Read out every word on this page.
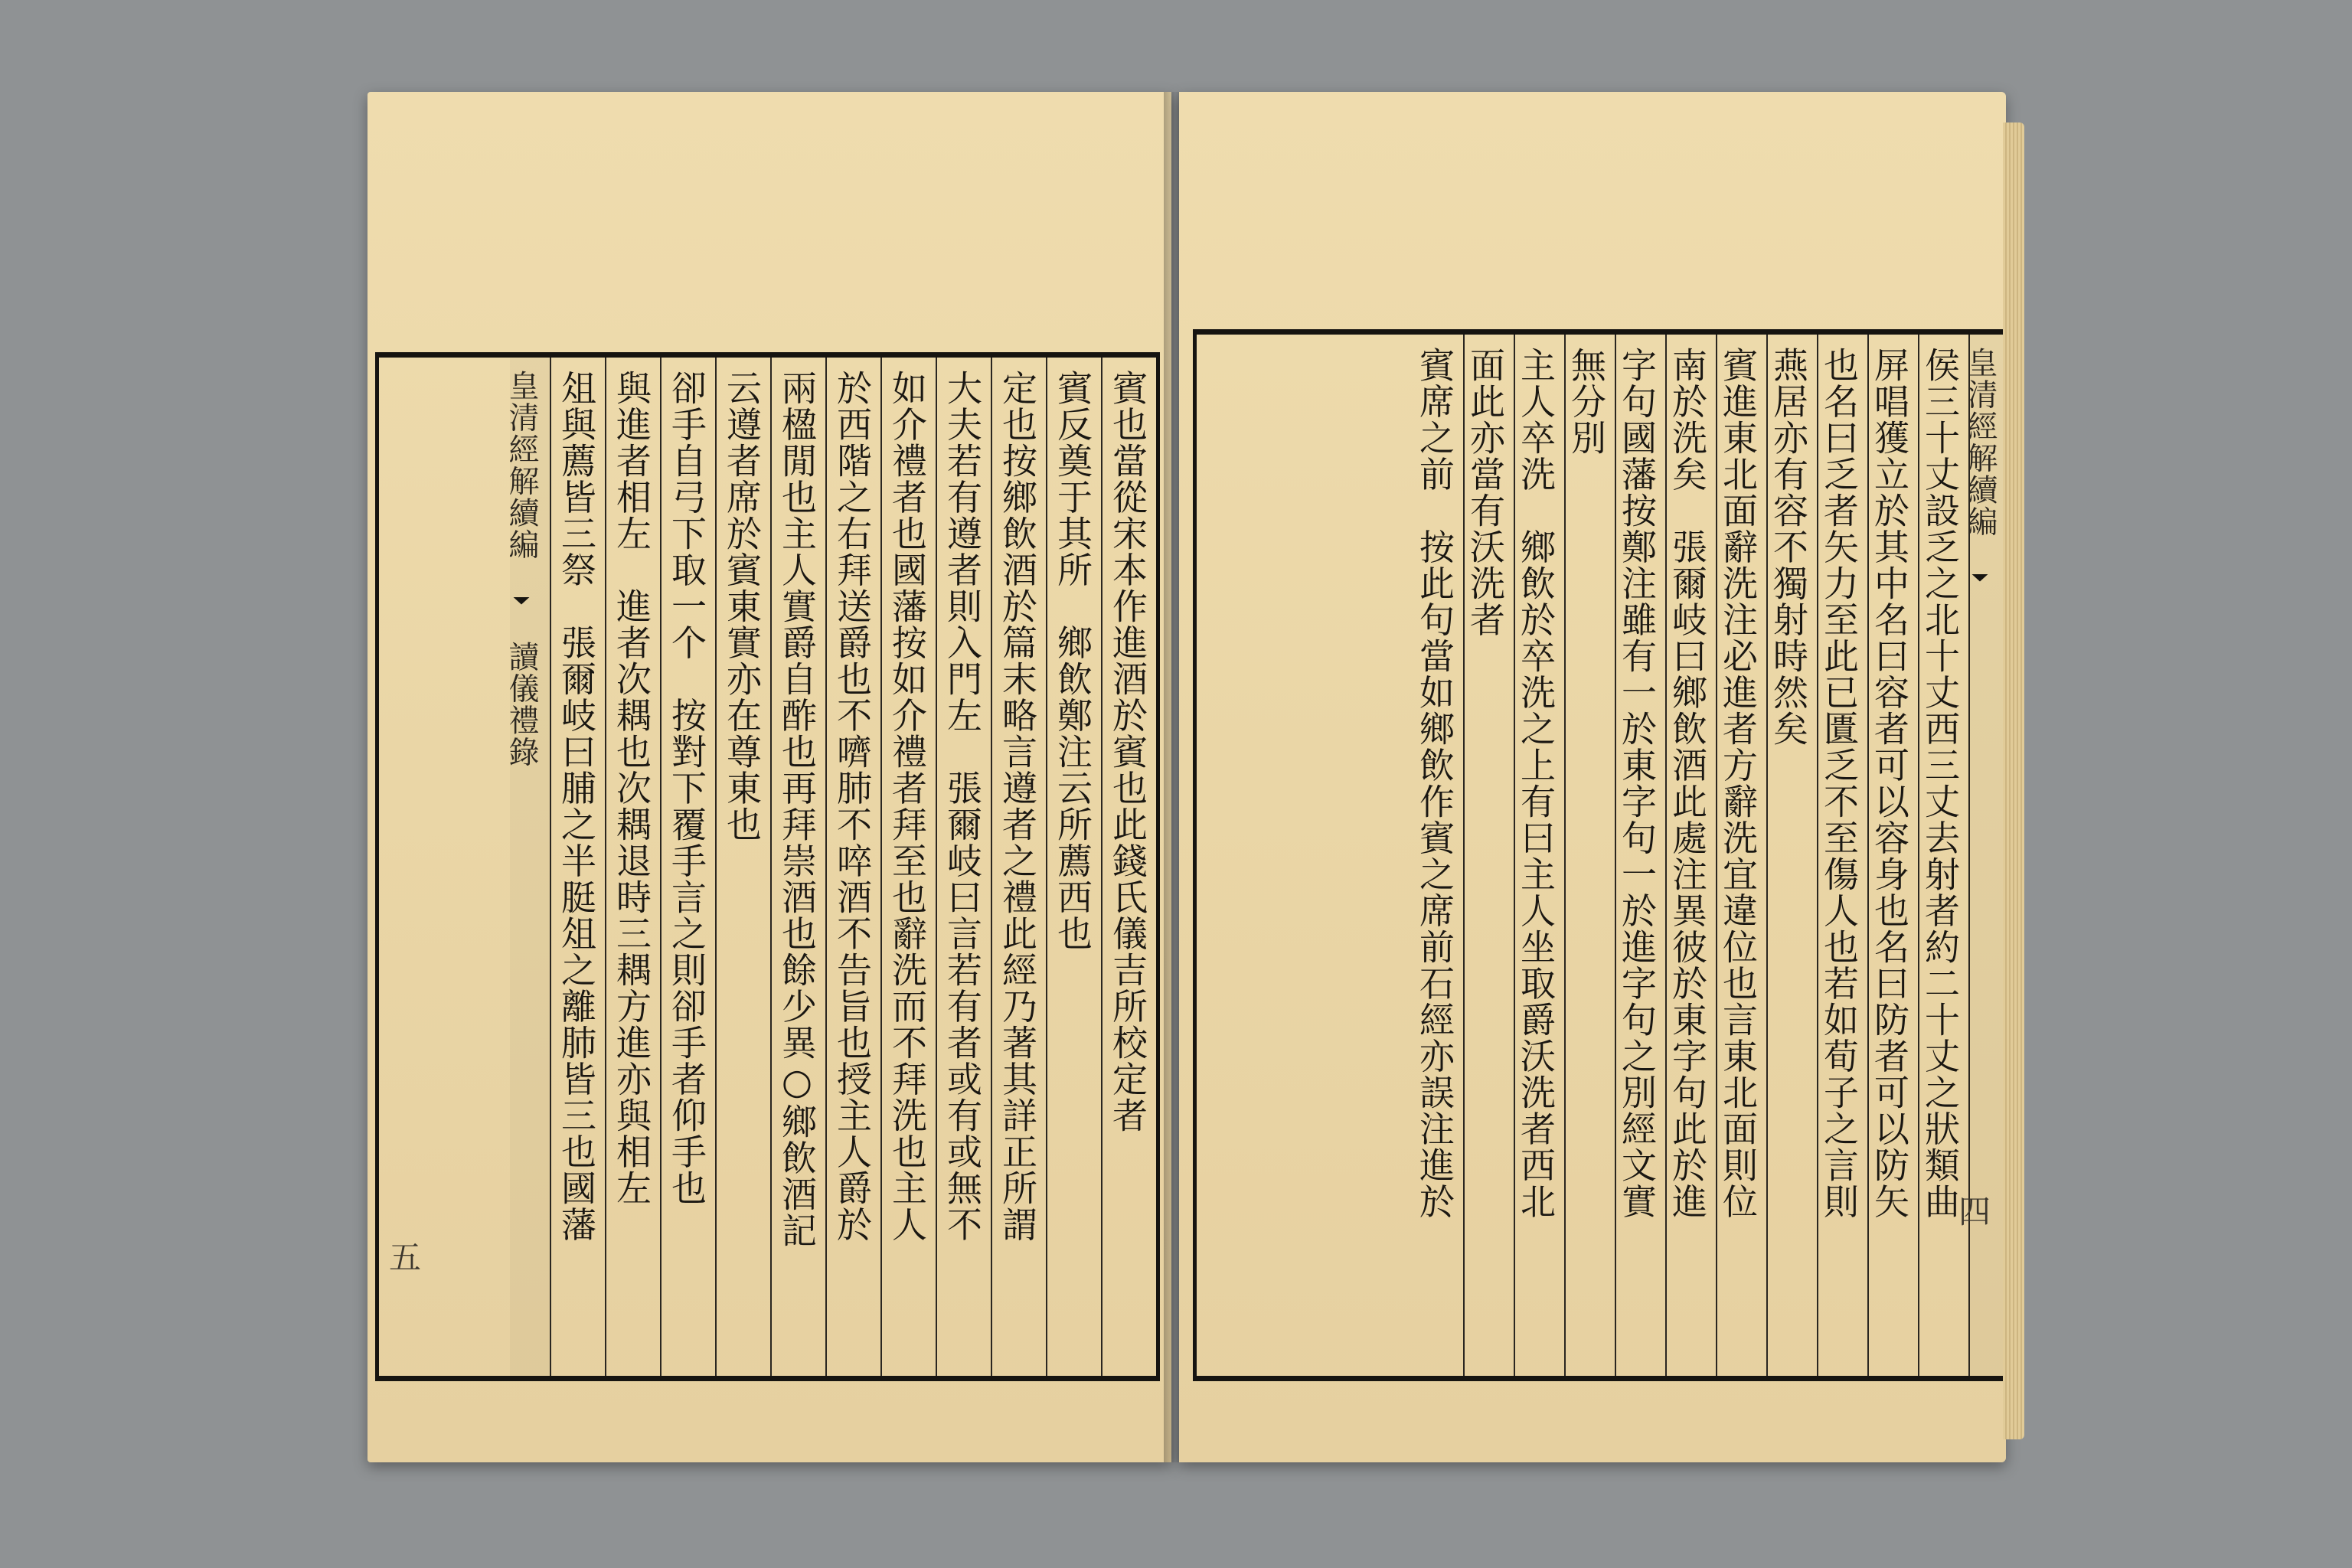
賓也當從宋本作進酒於賓也此錢氏儀吉所校定者
賓反奠于其所　鄉飲鄭注云所薦西也
定也按鄉飲酒於篇末略言遵者之禮此經乃著其詳正所謂
大夫若有遵者則入門左　張爾岐曰言若有者或有或無不
如介禮者也國藩按如介禮者拜至也辭洗而不拜洗也主人
於西階之右拜送爵也不嚌肺不啐酒不告旨也授主人爵於
兩楹閒也主人實爵自酢也再拜崇酒也餘少異○鄉飲酒記
云遵者席於賓東實亦在尊東也
卻手自弓下取一个　按對下覆手言之則卻手者仰手也
與進者相左　進者次耦也次耦退時三耦方進亦與相左
俎與薦皆三祭　張爾岐曰脯之半脡俎之離肺皆三也國藩
皇清經解續編  讀儀禮錄
五
皇清經解續編
侯三十丈設乏之北十丈西三丈去射者約二十丈之狀類曲
屏唱獲立於其中名曰容者可以容身也名曰防者可以防矢
也名曰乏者矢力至此已匱乏不至傷人也若如荀子之言則
燕居亦有容不獨射時然矣
賓進東北面辭洗注必進者方辭洗宜違位也言東北面則位
南於洗矣　張爾岐曰鄉飲酒此處注異彼於東字句此於進
字句國藩按鄭注雖有一於東字句一於進字句之別經文實
無分別
主人卒洗　鄉飲於卒洗之上有曰主人坐取爵沃洗者西北
面此亦當有沃洗者
賓席之前　按此句當如鄉飲作賓之席前石經亦誤注進於	四
